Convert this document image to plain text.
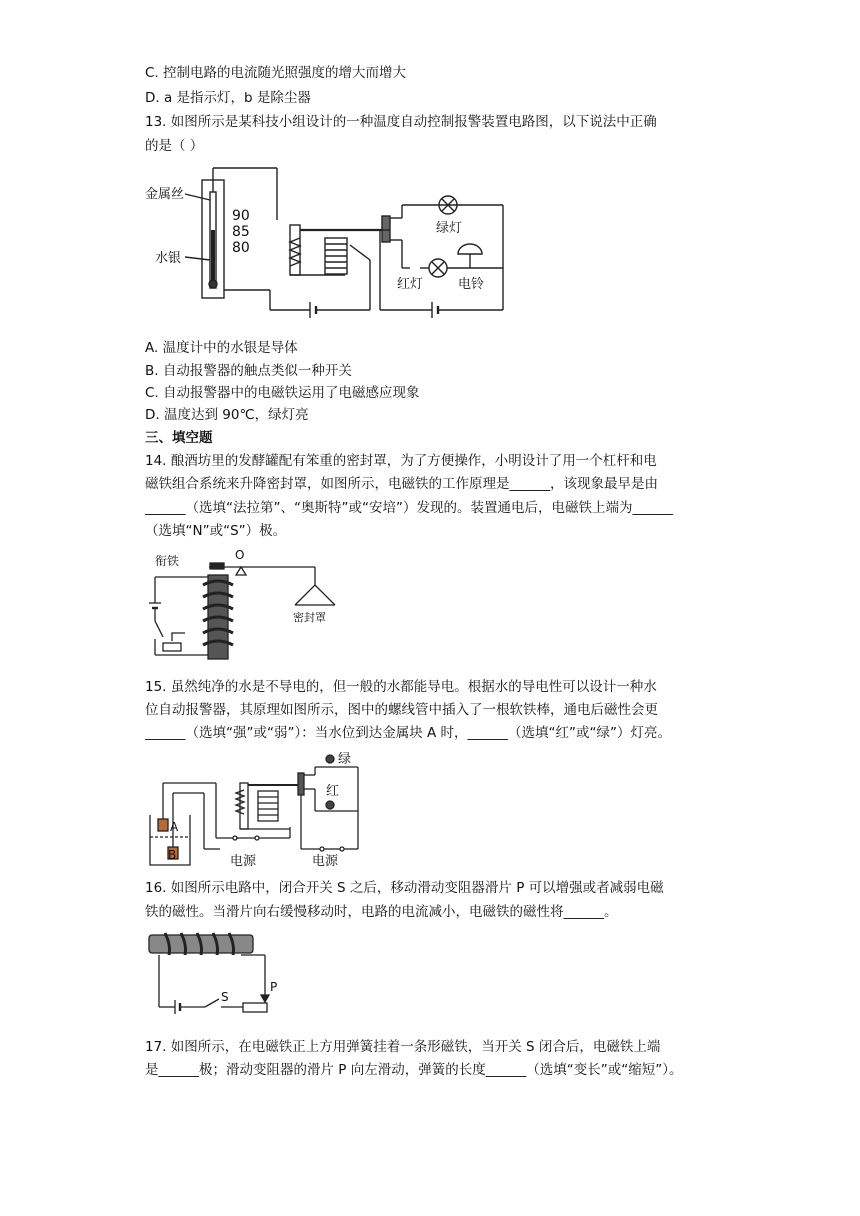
C. 控制电路的电流随光照强度的增大而增大
D. a 是指示灯，b 是除尘器
13. 如图所示是某科技小组设计的一种温度自动控制报警装置电路图，以下说法中正确
的是（ ）
金属丝
水银
90
85
80
绿灯
红灯	电铃
A. 温度计中的水银是导体
B. 自动报警器的触点类似一种开关
C. 自动报警器中的电磁铁运用了电磁感应现象
D. 温度达到 90℃，绿灯亮
三、填空题
14. 酿酒坊里的发酵罐配有笨重的密封罩，为了方便操作，小明设计了用一个杠杆和电
磁铁组合系统来升降密封罩，如图所示，电磁铁的工作原理是______，该现象最早是由
______（选填“法拉第”、“奥斯特”或“安培”）发现的。装置通电后，电磁铁上端为______
（选填“N”或“S”）极。
衔铁	O
密封罩
15. 虽然纯净的水是不导电的，但一般的水都能导电。根据水的导电性可以设计一种水
位自动报警器，其原理如图所示，图中的螺线管中插入了一根软铁棒，通电后磁性会更
______（选填“强”或“弱”）：当水位到达金属块 A 时，______（选填“红”或“绿”）灯亮。
A
B
绿
红
电源	电源
16. 如图所示电路中，闭合开关 S 之后，移动滑动变阻器滑片 P 可以增强或者减弱电磁
铁的磁性。当滑片向右缓慢移动时，电路的电流减小，电磁铁的磁性将______。
S
P
17. 如图所示，在电磁铁正上方用弹簧挂着一条形磁铁，当开关 S 闭合后，电磁铁上端
是______极；滑动变阻器的滑片 P 向左滑动，弹簧的长度______（选填“变长”或“缩短”）。
